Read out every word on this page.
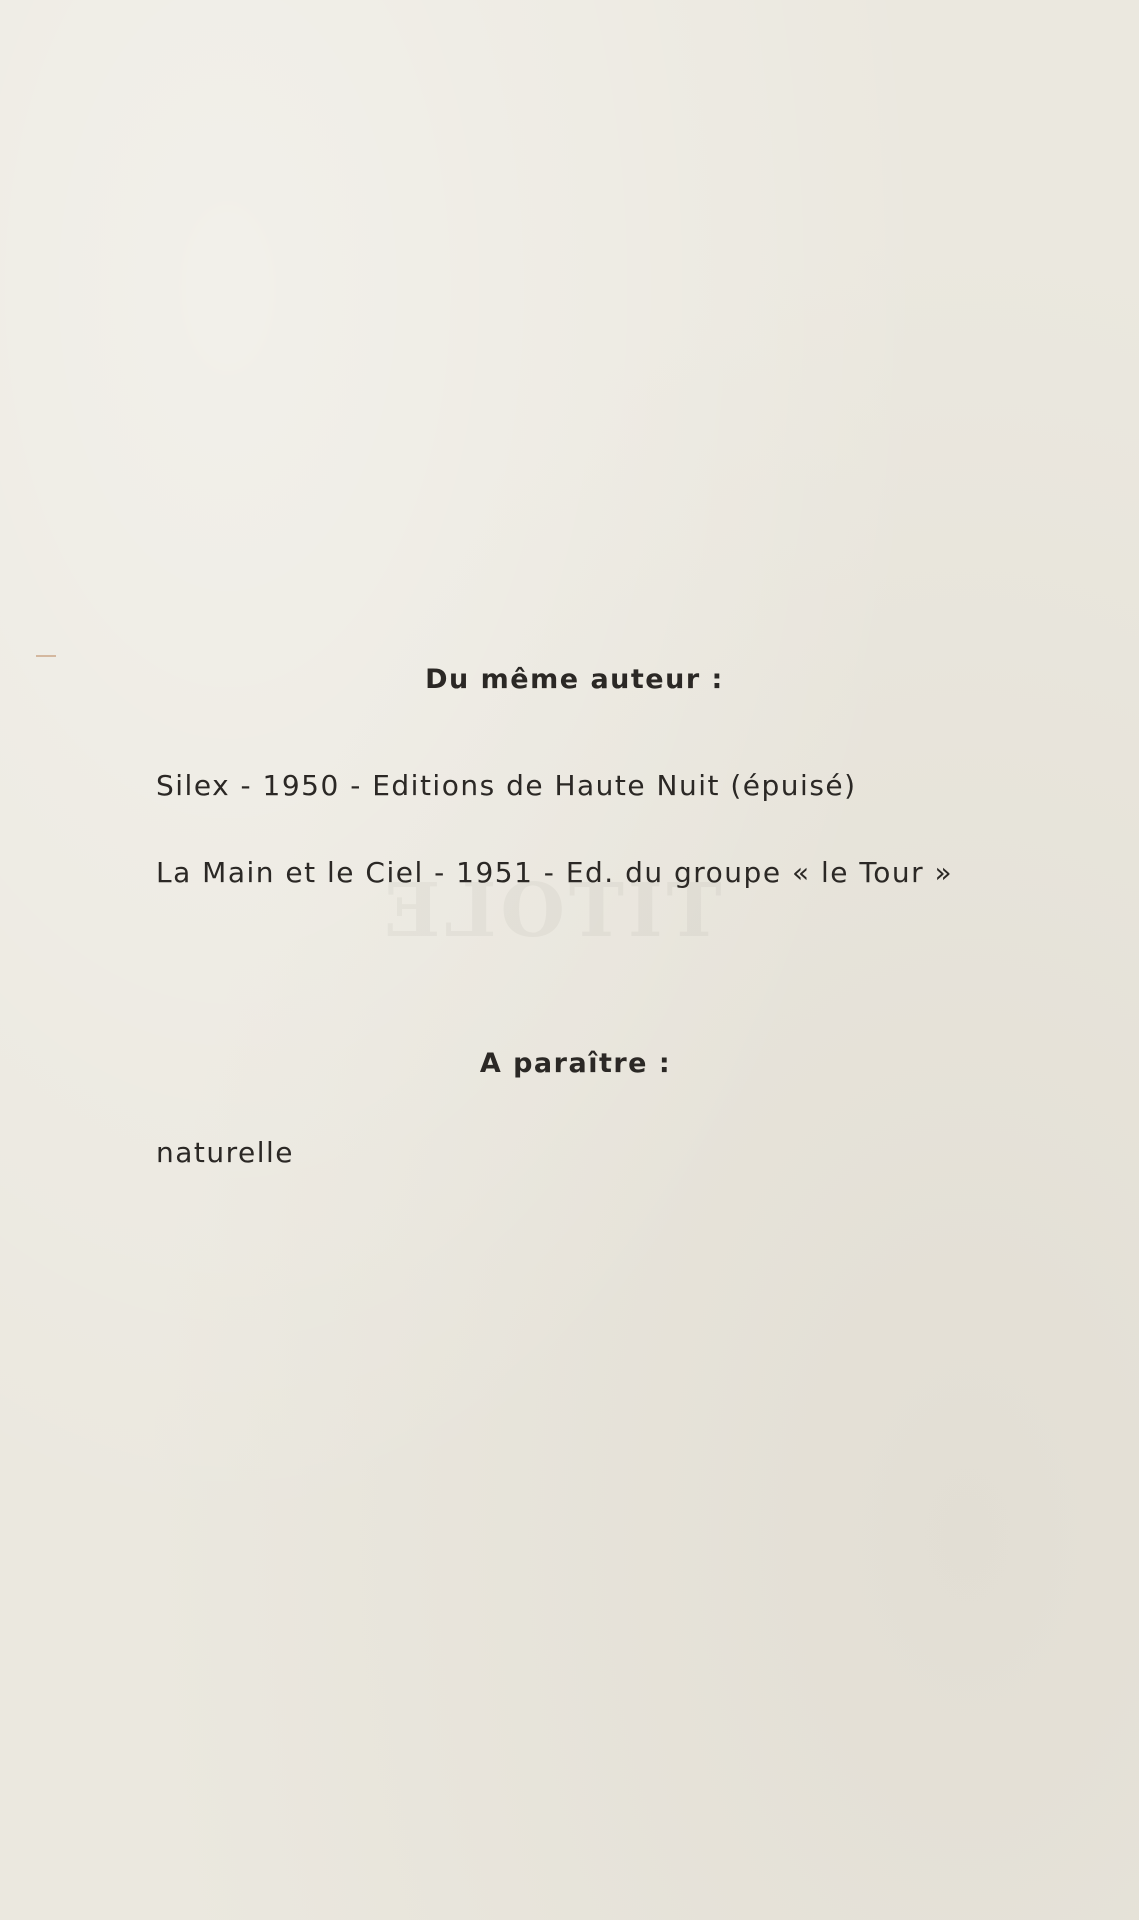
TITOLE
Du même auteur :
Silex - 1950 - Editions de Haute Nuit (épuisé)
La Main et le Ciel - 1951 - Ed. du groupe « le Tour »
A paraître :
naturelle
